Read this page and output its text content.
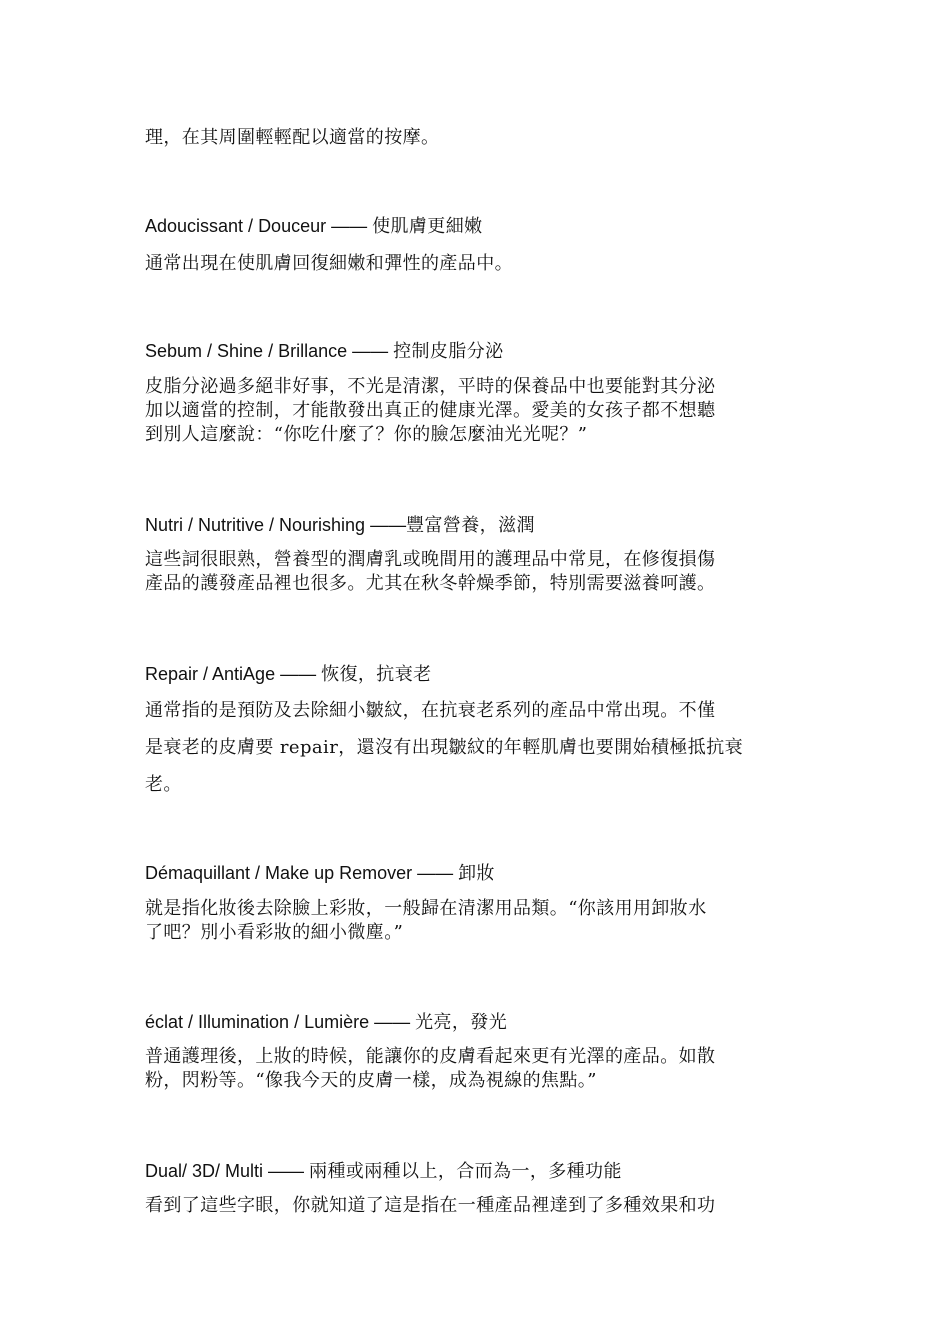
理，在其周圍輕輕配以適當的按摩。

Adoucissant / Douceur —— 使肌膚更細嫩

通常出現在使肌膚回復細嫩和彈性的產品中。

Sebum / Shine / Brillance —— 控制皮脂分泌

皮脂分泌過多絕非好事，不光是清潔，平時的保養品中也要能對其分泌
加以適當的控制，才能散發出真正的健康光澤。愛美的女孩子都不想聽
到別人這麼說：“你吃什麼了？你的臉怎麼油光光呢？”

Nutri / Nutritive / Nourishing ——豐富營養，滋潤

這些詞很眼熟，營養型的潤膚乳或晚間用的護理品中常見，在修復損傷
產品的護發產品裡也很多。尤其在秋冬幹燥季節，特別需要滋養呵護。

Repair / AntiAge —— 恢復，抗衰老

通常指的是預防及去除細小皺紋，在抗衰老系列的產品中常出現。不僅
是衰老的皮膚要 repair，還沒有出現皺紋的年輕肌膚也要開始積極抵抗衰
老。

Démaquillant / Make up Remover —— 卸妝

就是指化妝後去除臉上彩妝，一般歸在清潔用品類。“你該用用卸妝水
了吧？別小看彩妝的細小微塵。”

éclat / Illumination / Lumière —— 光亮，發光

普通護理後，上妝的時候，能讓你的皮膚看起來更有光澤的產品。如散
粉，閃粉等。“像我今天的皮膚一樣，成為視線的焦點。”

Dual/ 3D/ Multi —— 兩種或兩種以上，合而為一，多種功能

看到了這些字眼，你就知道了這是指在一種產品裡達到了多種效果和功
